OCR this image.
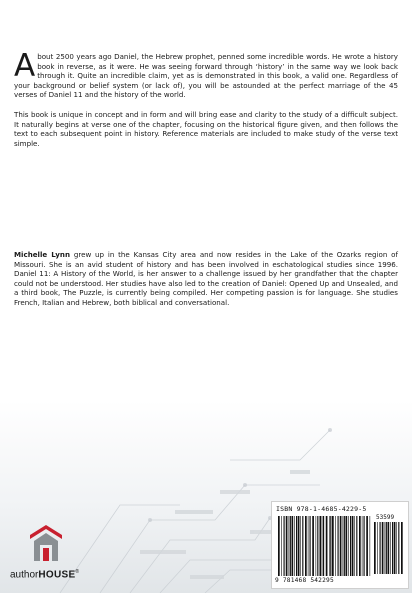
About 2500 years ago Daniel, the Hebrew prophet, penned some incredible words. He wrote a history book in reverse, as it were. He was seeing forward through ‘history’ in the same way we look back through it. Quite an incredible claim, yet as is demonstrated in this book, a valid one. Regardless of your background or belief system (or lack of), you will be astounded at the perfect marriage of the 45 verses of Daniel 11 and the history of the world.

This book is unique in concept and in form and will bring ease and clarity to the study of a difficult subject. It naturally begins at verse one of the chapter, focusing on the historical figure given, and then follows the text to each subsequent point in history. Reference materials are included to make study of the verse text simple.

Michelle Lynn grew up in the Kansas City area and now resides in the Lake of the Ozarks region of Missouri. She is an avid student of history and has been involved in eschatological studies since 1996. Daniel 11: A History of the World, is her answer to a challenge issued by her grandfather that the chapter could not be understood. Her studies have also led to the creation of Daniel: Opened Up and Unsealed, and a third book, The Puzzle, is currently being compiled. Her competing passion is for language. She studies French, Italian and Hebrew, both biblical and conversational.

authorHOUSE®
ISBN 978-1-4685-4229-5
53599
9 781468 542295
